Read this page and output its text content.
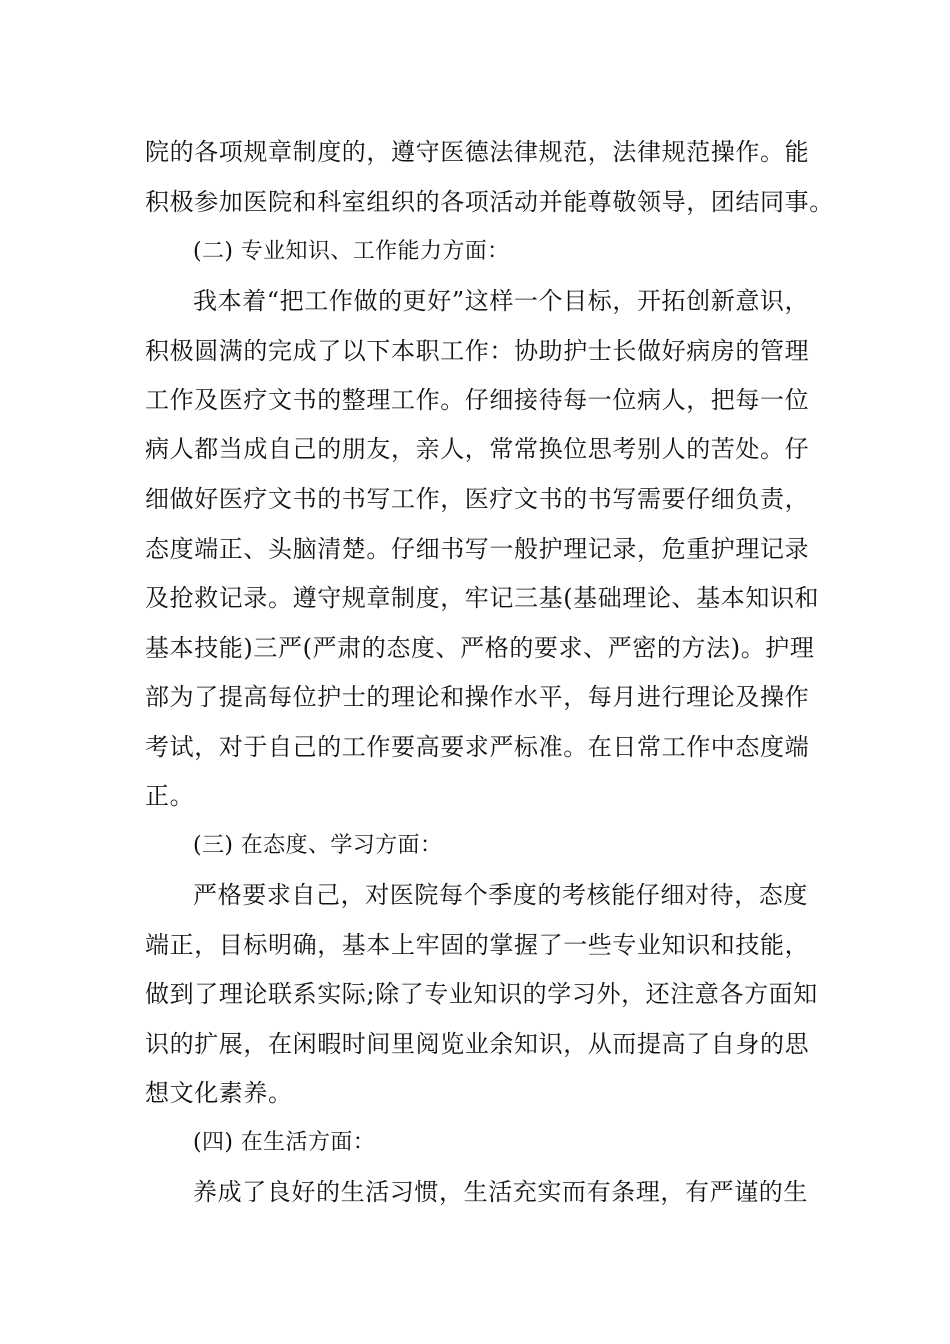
院的各项规章制度的，遵守医德法律规范，法律规范操作。能
积极参加医院和科室组织的各项活动并能尊敬领导，团结同事。
(二) 专业知识、工作能力方面：
我本着“把工作做的更好”这样一个目标，开拓创新意识，
积极圆满的完成了以下本职工作：协助护士长做好病房的管理
工作及医疗文书的整理工作。仔细接待每一位病人，把每一位
病人都当成自己的朋友，亲人，常常换位思考别人的苦处。仔
细做好医疗文书的书写工作，医疗文书的书写需要仔细负责，
态度端正、头脑清楚。仔细书写一般护理记录，危重护理记录
及抢救记录。遵守规章制度，牢记三基(基础理论、基本知识和
基本技能)三严(严肃的态度、严格的要求、严密的方法)。护理
部为了提高每位护士的理论和操作水平，每月进行理论及操作
考试，对于自己的工作要高要求严标准。在日常工作中态度端
正。
(三) 在态度、学习方面：
严格要求自己，对医院每个季度的考核能仔细对待，态度
端正，目标明确，基本上牢固的掌握了一些专业知识和技能，
做到了理论联系实际;除了专业知识的学习外，还注意各方面知
识的扩展，在闲暇时间里阅览业余知识，从而提高了自身的思
想文化素养。
(四) 在生活方面：
养成了良好的生活习惯，生活充实而有条理，有严谨的生
